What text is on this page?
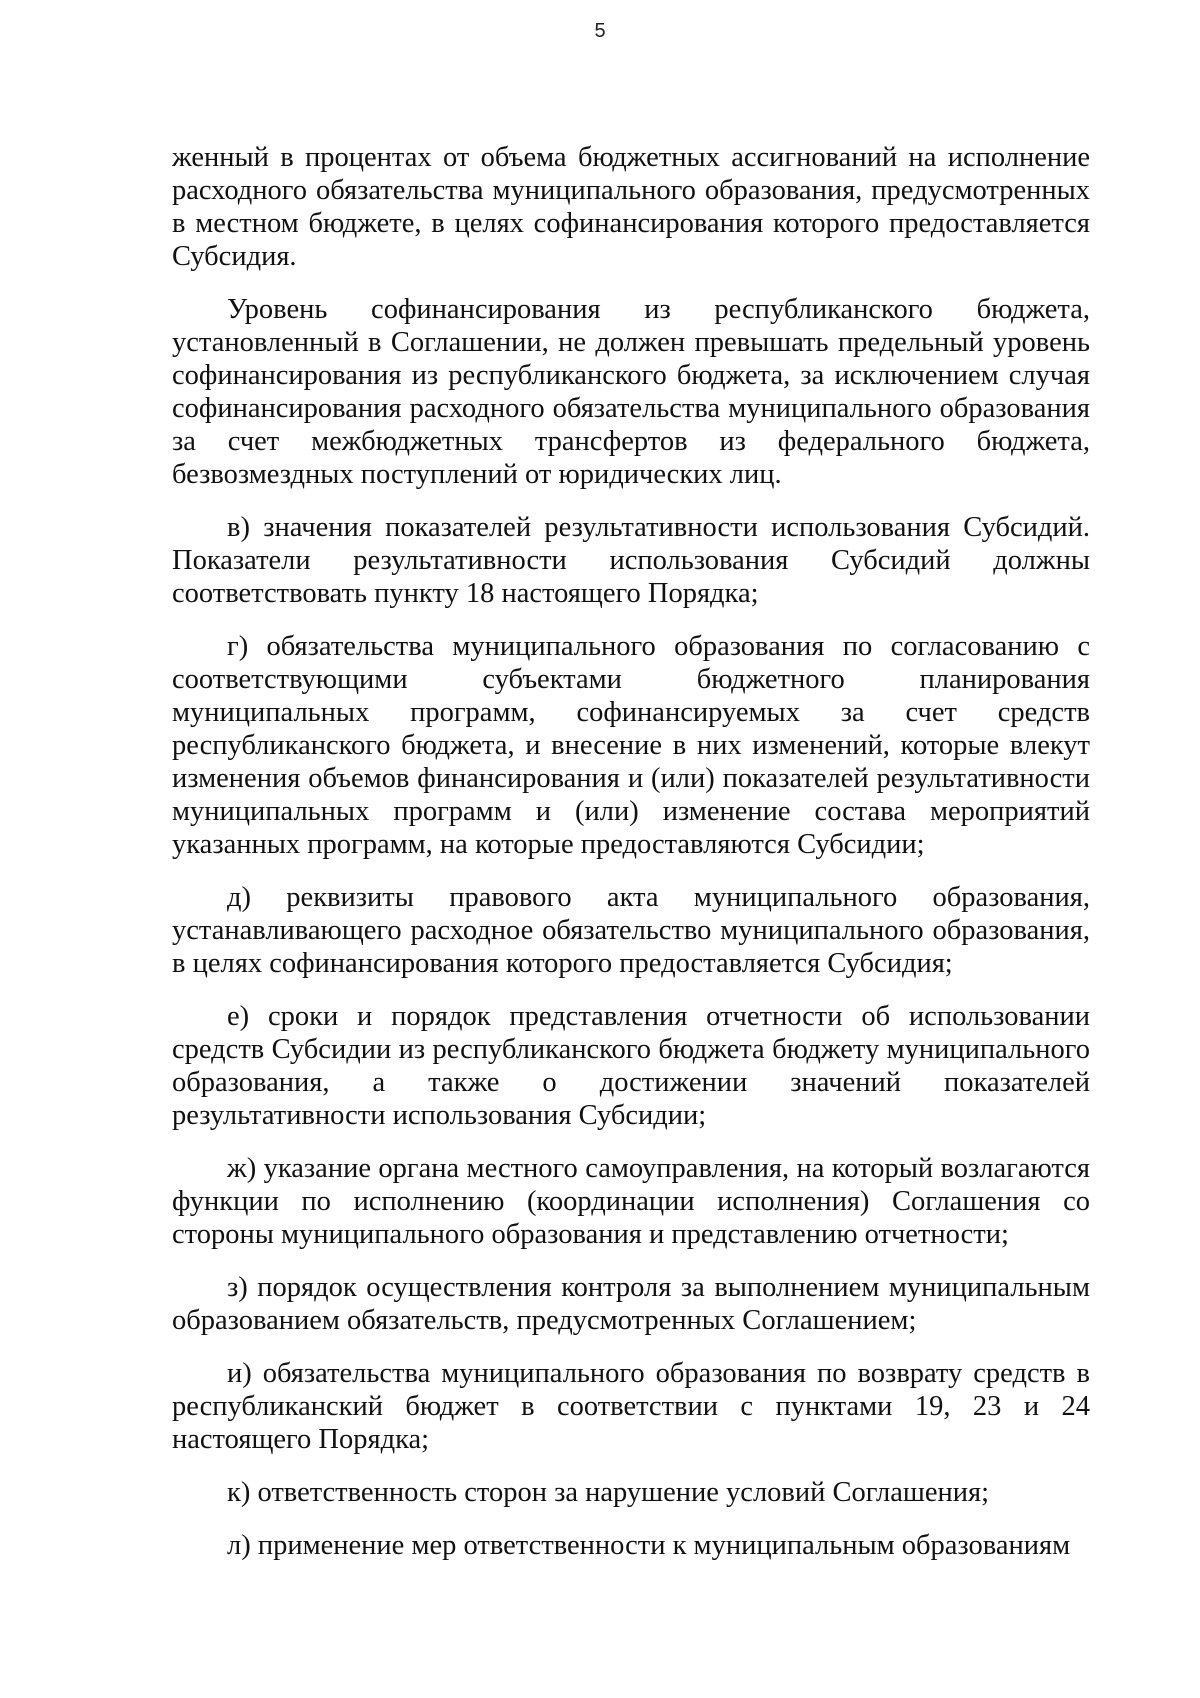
5

женный в процентах от объема бюджетных ассигнований на исполнение расходного обязательства муниципального образования, предусмотренных в местном бюджете, в целях софинансирования которого предоставляется Субсидия.

Уровень софинансирования из республиканского бюджета, установленный в Соглашении, не должен превышать предельный уровень софинансирования из республиканского бюджета, за исключением случая софинансирования расходного обязательства муниципального образования за счет межбюджетных трансфертов из федерального бюджета, безвозмездных поступлений от юридических лиц.

в) значения показателей результативности использования Субсидий. Показатели результативности использования Субсидий должны соответствовать пункту 18 настоящего Порядка;

г) обязательства муниципального образования по согласованию с соответствующими субъектами бюджетного планирования муниципальных программ, софинансируемых за счет средств республиканского бюджета, и внесение в них изменений, которые влекут изменения объемов финансирования и (или) показателей результативности муниципальных программ и (или) изменение состава мероприятий указанных программ, на которые предоставляются Субсидии;

д) реквизиты правового акта муниципального образования, устанавливающего расходное обязательство муниципального образования, в целях софинансирования которого предоставляется Субсидия;

е) сроки и порядок представления отчетности об использовании средств Субсидии из республиканского бюджета бюджету муниципального образования, а также о достижении значений показателей результативности использования Субсидии;

ж) указание органа местного самоуправления, на который возлагаются функции по исполнению (координации исполнения) Соглашения со стороны муниципального образования и представлению отчетности;

з) порядок осуществления контроля за выполнением муниципальным образованием обязательств, предусмотренных Соглашением;

и) обязательства муниципального образования по возврату средств в республиканский бюджет в соответствии с пунктами 19, 23 и 24 настоящего Порядка;

к) ответственность сторон за нарушение условий Соглашения;

л) применение мер ответственности к муниципальным образованиям
